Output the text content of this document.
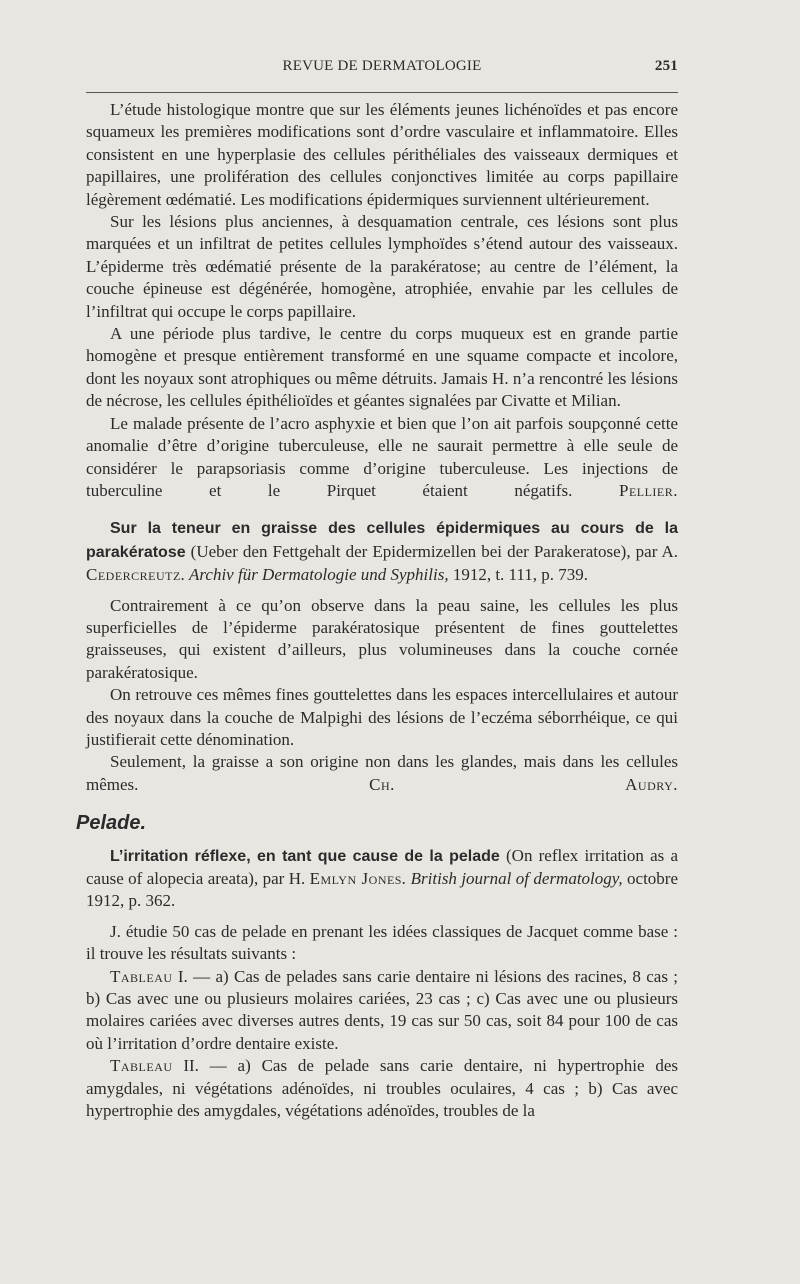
REVUE DE DERMATOLOGIE	251

L’étude histologique montre que sur les éléments jeunes lichénoïdes et pas encore squameux les premières modifications sont d’ordre vasculaire et inflammatoire. Elles consistent en une hyperplasie des cellules périthéliales des vaisseaux dermiques et papillaires, une prolifération des cellules conjonctives limitée au corps papillaire légèrement œdématié. Les modifications épidermiques surviennent ultérieurement.

Sur les lésions plus anciennes, à desquamation centrale, ces lésions sont plus marquées et un infiltrat de petites cellules lymphoïdes s’étend autour des vaisseaux. L’épiderme très œdématié présente de la parakératose; au centre de l’élément, la couche épineuse est dégénérée, homogène, atrophiée, envahie par les cellules de l’infiltrat qui occupe le corps papillaire.

A une période plus tardive, le centre du corps muqueux est en grande partie homogène et presque entièrement transformé en une squame compacte et incolore, dont les noyaux sont atrophiques ou même détruits. Jamais H. n’a rencontré les lésions de nécrose, les cellules épithélioïdes et géantes signalées par Civatte et Milian.

Le malade présente de l’acro asphyxie et bien que l’on ait parfois soupçonné cette anomalie d’être d’origine tuberculeuse, elle ne saurait permettre à elle seule de considérer le parapsoriasis comme d’origine tuberculeuse. Les injections de tuberculine et le Pirquet étaient négatifs.	Pellier.

Sur la teneur en graisse des cellules épidermiques au cours de la parakératose (Ueber den Fettgehalt der Epidermizellen bei der Parakeratose), par A. Cedercreutz. Archiv für Dermatologie und Syphilis, 1912, t. 111, p. 739.

Contrairement à ce qu’on observe dans la peau saine, les cellules les plus superficielles de l’épiderme parakératosique présentent de fines gouttelettes graisseuses, qui existent d’ailleurs, plus volumineuses dans la couche cornée parakératosique.

On retrouve ces mêmes fines gouttelettes dans les espaces intercellulaires et autour des noyaux dans la couche de Malpighi des lésions de l’eczéma séborrhéique, ce qui justifierait cette dénomination.

Seulement, la graisse a son origine non dans les glandes, mais dans les cellules mêmes.	Ch. Audry.

Pelade.

L’irritation réflexe, en tant que cause de la pelade (On reflex irritation as a cause of alopecia areata), par H. Emlyn Jones. British journal of dermatology, octobre 1912, p. 362.

J. étudie 50 cas de pelade en prenant les idées classiques de Jacquet comme base : il trouve les résultats suivants :

Tableau I. — a) Cas de pelades sans carie dentaire ni lésions des racines, 8 cas ; b) Cas avec une ou plusieurs molaires cariées, 23 cas ; c) Cas avec une ou plusieurs molaires cariées avec diverses autres dents, 19 cas sur 50 cas, soit 84 pour 100 de cas où l’irritation d’ordre dentaire existe.

Tableau II. — a) Cas de pelade sans carie dentaire, ni hypertrophie des amygdales, ni végétations adénoïdes, ni troubles oculaires, 4 cas ; b) Cas avec hypertrophie des amygdales, végétations adénoïdes, troubles de la
